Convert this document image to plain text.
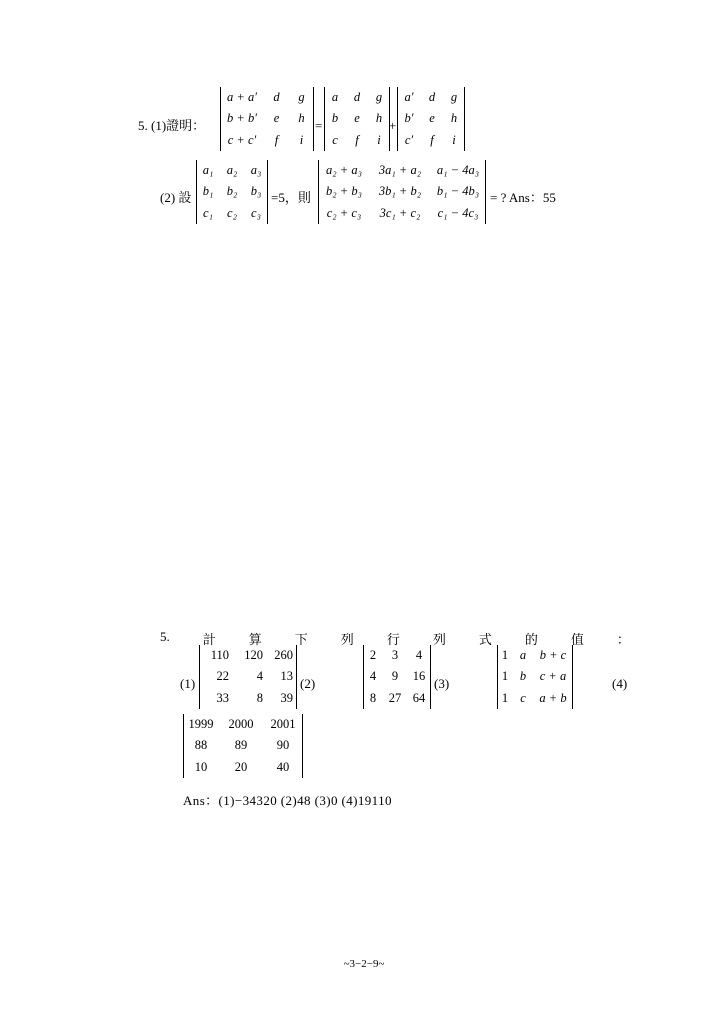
5. (1)證明：
a + a′	d	g
b + b′	e	h
c + c′	f	i
=
a	d	g
b	e	h
c	f	i
+
a′	d	g
b′	e	h
c′	f	i
(2) 設
a₁	a₂	a₃
b₁	b₂	b₃
c₁	c₂	c₃
=5，則
a₂ + a₃	3a₁ + a₂	a₁ − 4a₃
b₂ + b₃	3b₁ + b₂	b₁ − 4b₃
c₂ + c₃	3c₁ + c₂	c₁ − 4c₃
= ? Ans：55
5.	計	算	下	列	行	列	式	的	值	：
(1)
110	120 260
22	4	13
33	8	39
(2)
2	3	4
4	9	16
8	27 64
(3)
1 a	b + c
1 b	c + a
1 c	a + b
(4)
1999	2000	2001
88	89	90
10	20	40
Ans：(1)−34320 (2)48 (3)0 (4)19110
~3−2−9~
